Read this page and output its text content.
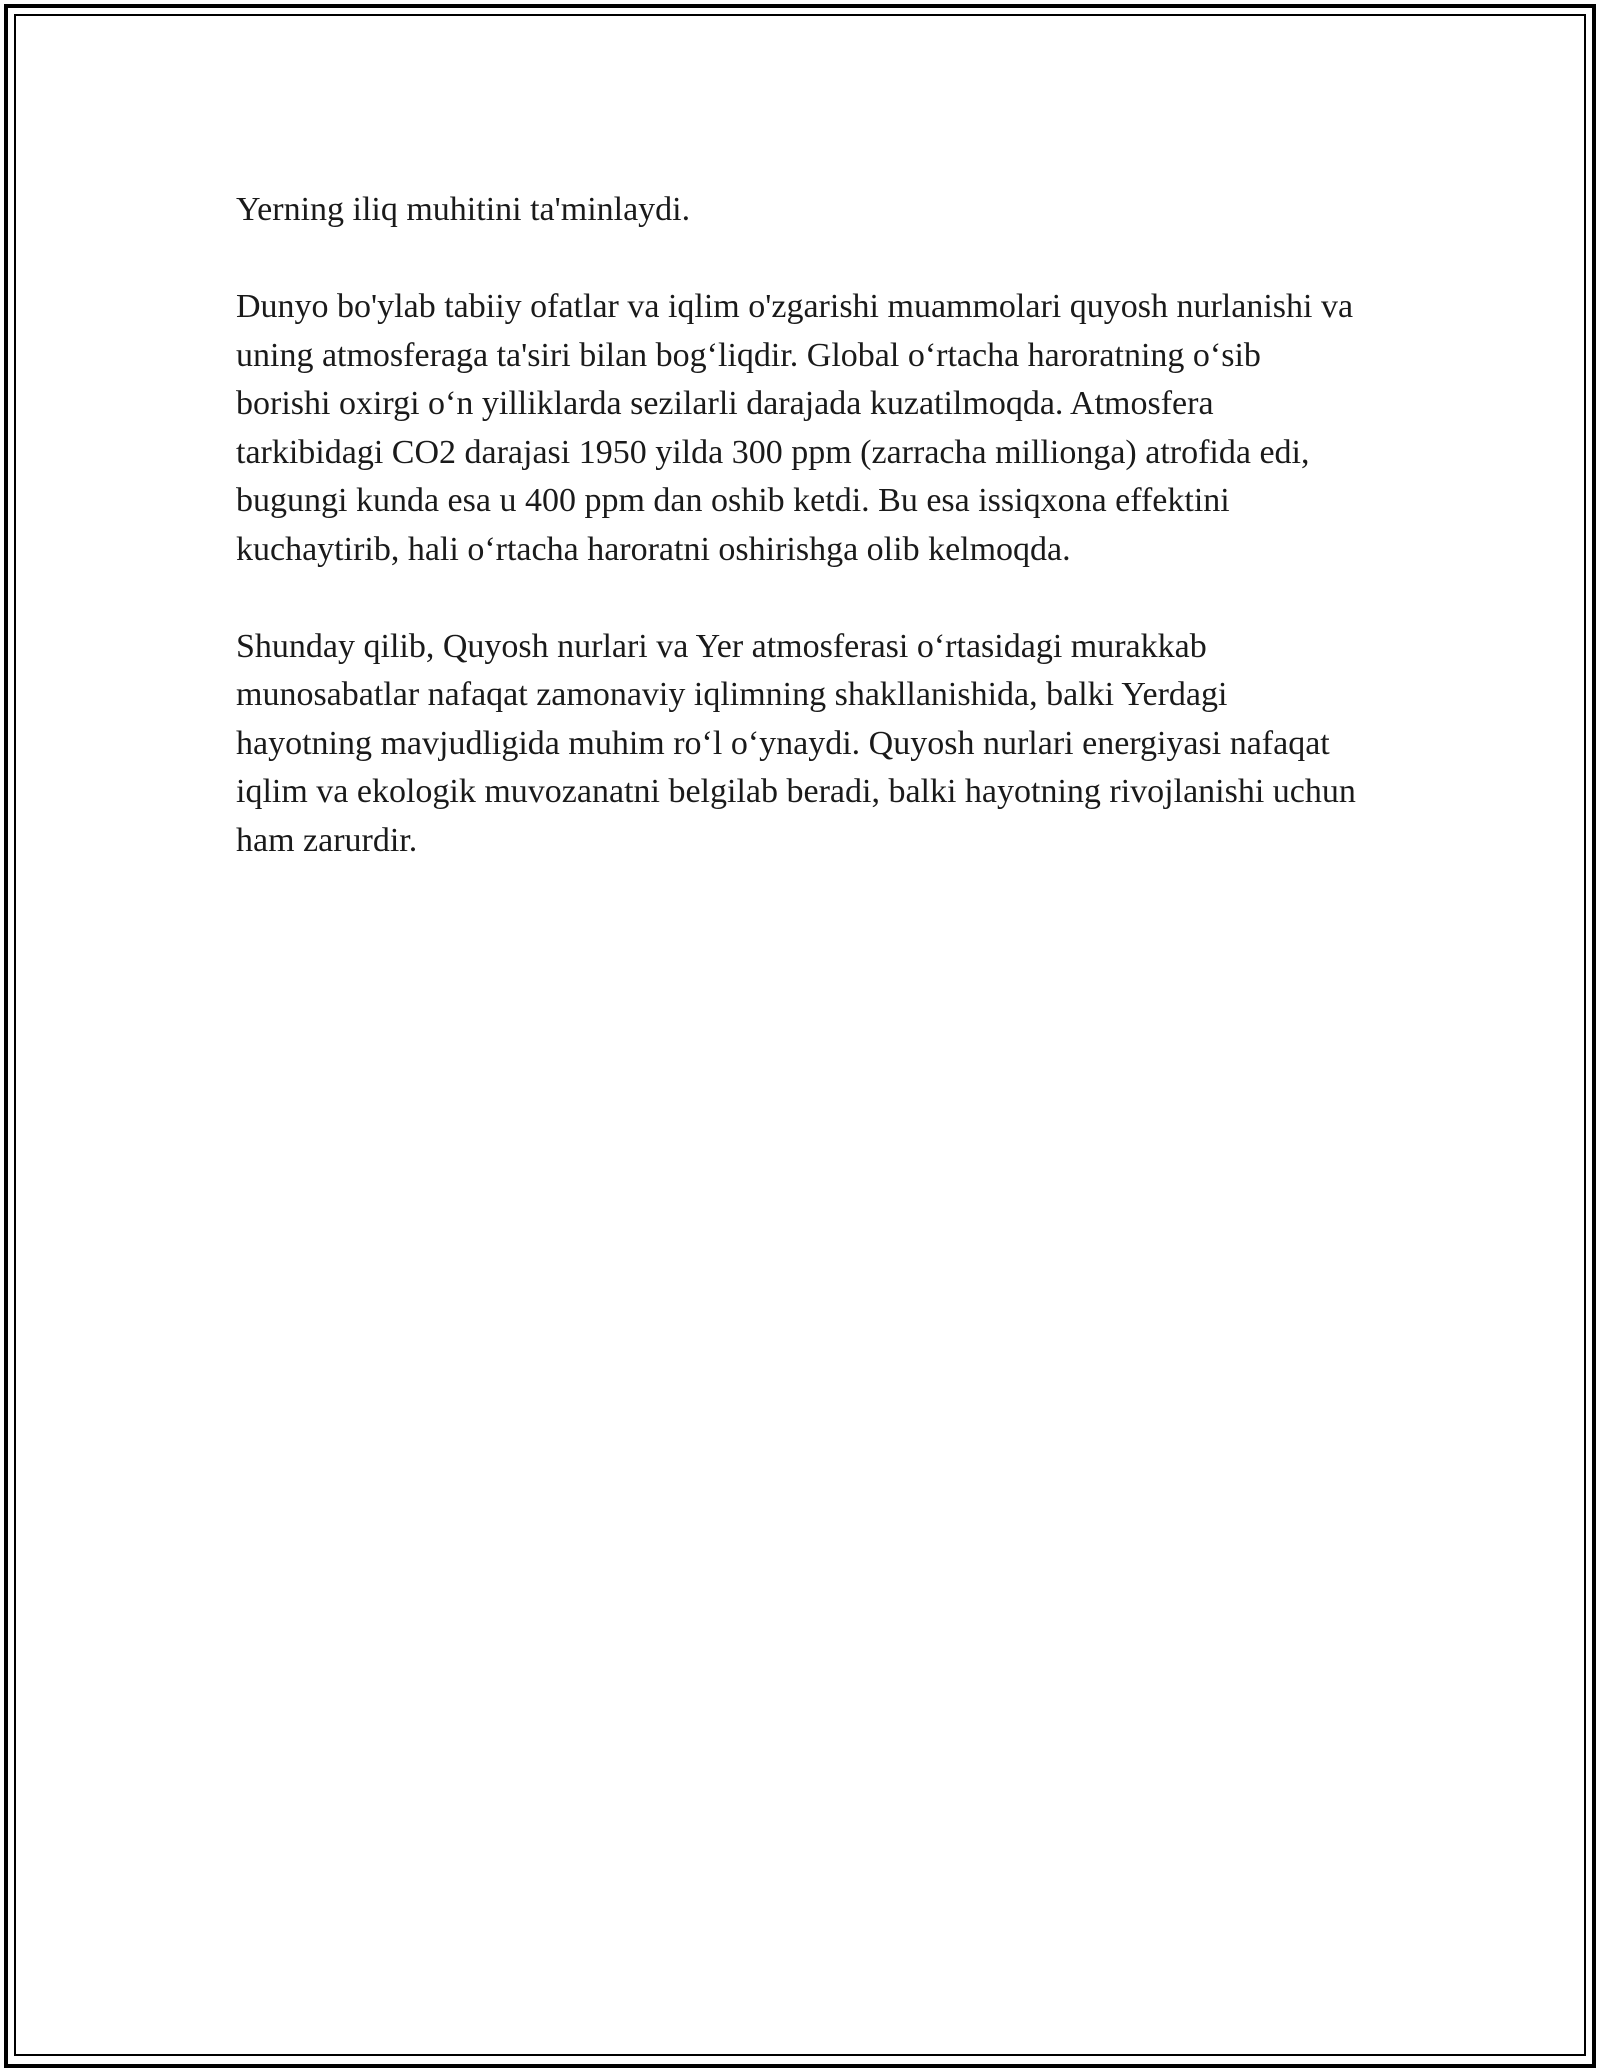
Yerning iliq muhitini ta'minlaydi.

Dunyo bo'ylab tabiiy ofatlar va iqlim o'zgarishi muammolari quyosh nurlanishi va uning atmosferaga ta'siri bilan bog‘liqdir. Global o‘rtacha haroratning o‘sib borishi oxirgi o‘n yilliklarda sezilarli darajada kuzatilmoqda. Atmosfera tarkibidagi CO2 darajasi 1950 yilda 300 ppm (zarracha millionga) atrofida edi, bugungi kunda esa u 400 ppm dan oshib ketdi. Bu esa issiqxona effektini kuchaytirib, hali o‘rtacha haroratni oshirishga olib kelmoqda.

Shunday qilib, Quyosh nurlari va Yer atmosferasi o‘rtasidagi murakkab munosabatlar nafaqat zamonaviy iqlimning shakllanishida, balki Yerdagi hayotning mavjudligida muhim ro‘l o‘ynaydi. Quyosh nurlari energiyasi nafaqat iqlim va ekologik muvozanatni belgilab beradi, balki hayotning rivojlanishi uchun ham zarurdir.
